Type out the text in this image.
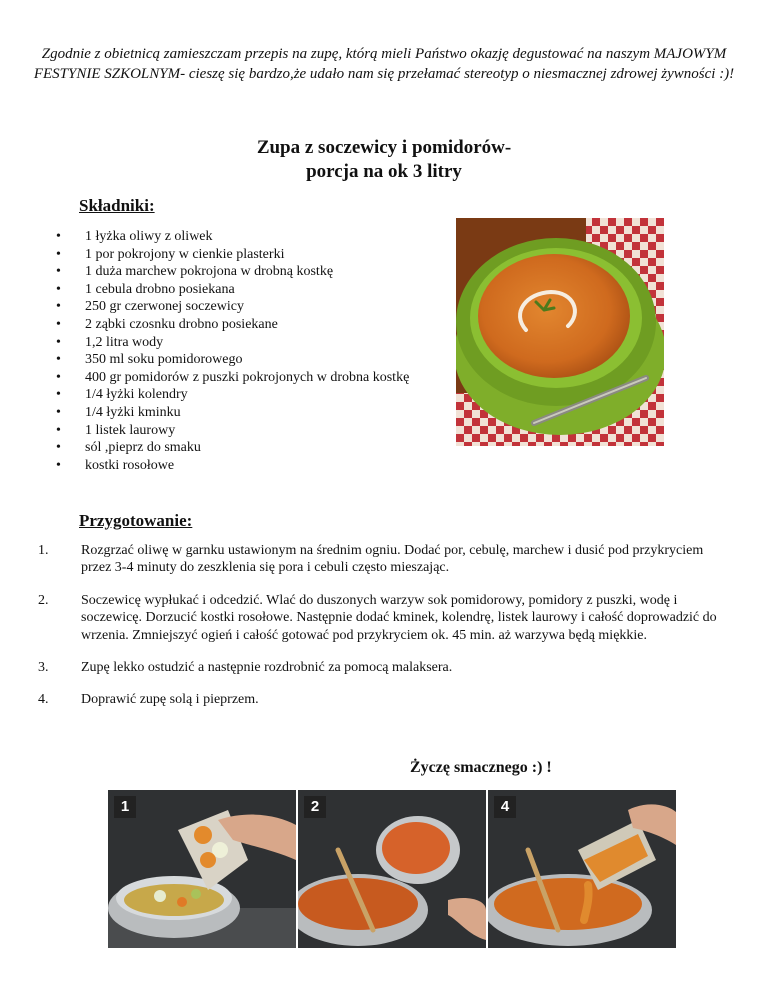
Zgodnie z obietnicą zamieszczam przepis na zupę, którą mieli Państwo okazję degustować na naszym MAJOWYM FESTYNIE SZKOLNYM- cieszę się bardzo,że udało nam się przełamać stereotyp o niesmacznej zdrowej żywności :)!
Zupa z soczewicy i pomidorów-
porcja na ok 3 litry
Składniki:
• 1 łyżka oliwy z oliwek
• 1 por pokrojony w cienkie plasterki
• 1 duża marchew pokrojona w drobną kostkę
• 1 cebula drobno posiekana
• 250 gr czerwonej soczewicy
• 2 ząbki czosnku drobno posiekane
• 1,2 litra wody
• 350 ml soku pomidorowego
• 400 gr pomidorów z puszki pokrojonych w drobna kostkę
• 1/4 łyżki kolendry
• 1/4 łyżki kminku
• 1 listek laurowy
• sól ,pieprz do smaku
• kostki rosołowe
Przygotowanie:
1. Rozgrzać oliwę w garnku ustawionym na średnim ogniu. Dodać por, cebulę, marchew i dusić pod przykryciem przez 3-4 minuty do zeszklenia się pora i cebuli często mieszając.
2. Soczewicę wypłukać i odcedzić. Wlać do duszonych warzyw sok pomidorowy, pomidory z puszki, wodę i soczewicę. Dorzucić kostki rosołowe. Następnie dodać kminek, kolendrę, listek laurowy i całość doprowadzić do wrzenia. Zmniejszyć ogień i całość gotować pod przykryciem ok. 45 min. aż warzywa będą miękkie.
3. Zupę lekko ostudzić a następnie rozdrobnić za pomocą malaksera.
4. Doprawić zupę solą i pieprzem.
Życzę smacznego :) !
1	2	4
